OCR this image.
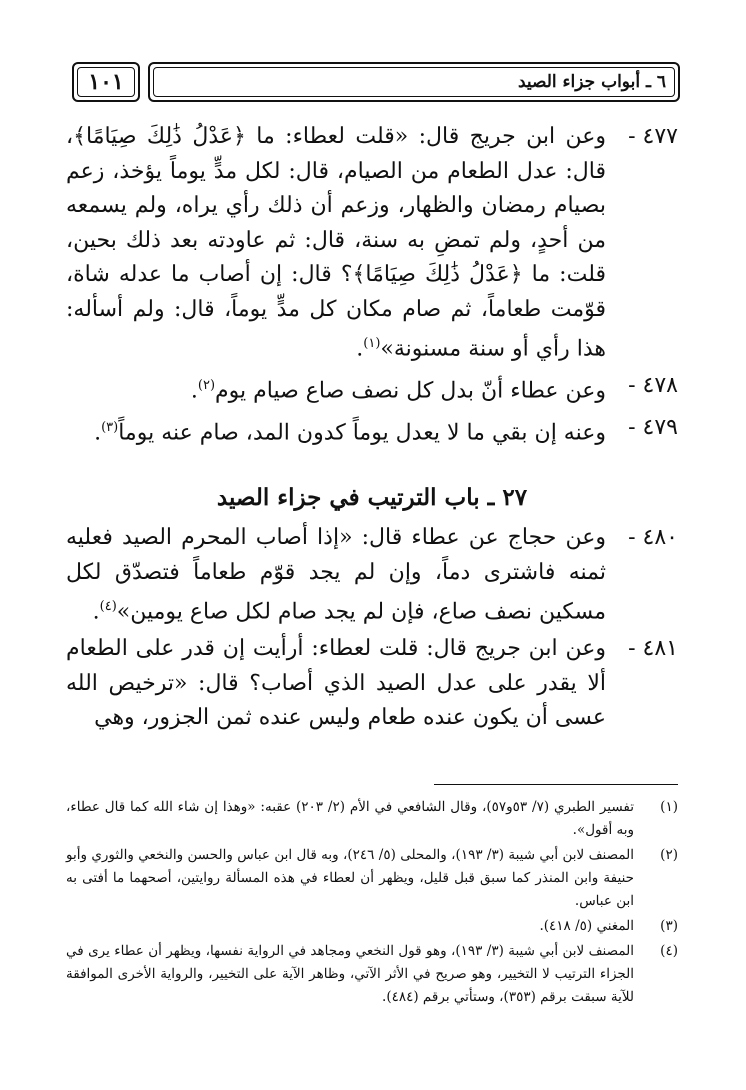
١٠١	٦ ـ أبواب جزاء الصيد
٤٧٧ -
وعن ابن جريج قال: «قلت لعطاء: ما ﴿عَدْلُ ذَٰلِكَ صِيَامًا﴾، قال: عدل الطعام من الصيام، قال: لكل مدٍّ يوماً يؤخذ، زعم بصيام رمضان والظهار، وزعم أن ذلك رأي يراه، ولم يسمعه من أحدٍ، ولم تمضِ به سنة، قال: ثم عاودته بعد ذلك بحين، قلت: ما ﴿عَدْلُ ذَٰلِكَ صِيَامًا﴾؟ قال: إن أصاب ما عدله شاة، قوّمت طعاماً، ثم صام مكان كل مدٍّ يوماً، قال: ولم أسأله: هذا رأي أو سنة مسنونة»$^{(١)}$.
٤٧٨ -
وعن عطاء أنّ بدل كل نصف صاع صيام يوم$^{(٢)}$.
٤٧٩ -
وعنه إن بقي ما لا يعدل يوماً كدون المد، صام عنه يوماً$^{(٣)}$.
٢٧ ـ باب الترتيب في جزاء الصيد
٤٨٠ -
وعن حجاج عن عطاء قال: «إذا أصاب المحرم الصيد فعليه ثمنه فاشترى دماً، وإن لم يجد قوّم طعاماً فتصدّق لكل مسكين نصف صاع، فإن لم يجد صام لكل صاع يومين»$^{(٤)}$.
٤٨١ -
وعن ابن جريج قال: قلت لعطاء: أرأيت إن قدر على الطعام ألا يقدر على عدل الصيد الذي أصاب؟ قال: «ترخيص الله عسى أن يكون عنده طعام وليس عنده ثمن الجزور، وهي
(١)
تفسير الطبري (٧/ ٥٣و٥٧)، وقال الشافعي في الأم (٢/ ٢٠٣) عقبه: «وهذا إن شاء الله كما قال عطاء، وبه أقول».
(٢)
المصنف لابن أبي شيبة (٣/ ١٩٣)، والمحلى (٥/ ٢٤٦)، وبه قال ابن عباس والحسن والنخعي والثوري وأبو حنيفة وابن المنذر كما سبق قبل قليل، ويظهر أن لعطاء في هذه المسألة روايتين، أصحهما ما أفتى به ابن عباس.
(٣)
المغني (٥/ ٤١٨).
(٤)
المصنف لابن أبي شيبة (٣/ ١٩٣)، وهو قول النخعي ومجاهد في الرواية نفسها، ويظهر أن عطاء يرى في الجزاء الترتيب لا التخيير، وهو صريح في الأثر الآتي، وظاهر الآية على التخيير، والرواية الأخرى الموافقة للآية سبقت برقم (٣٥٣)، وستأتي برقم (٤٨٤).
